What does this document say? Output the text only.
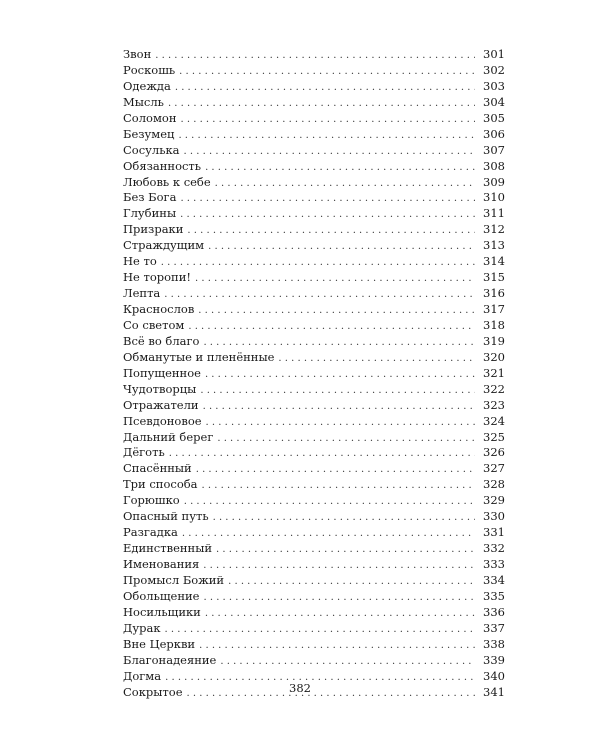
Звон . . .	301
Роскошь . . .	302
Одежда . . .	303
Мысль . . .	304
Соломон . . .	305
Безумец . . .	306
Сосулька . . .	307
Обязанность . . .	308
Любовь к себе . . .	309
Без Бога . . .	310
Глубины . . .	311
Призраки . . .	312
Страждущим . . .	313
Не то . . .	314
Не торопи! . . .	315
Лепта . . .	316
Краснослов . . .	317
Со светом . . .	318
Всё во благо . . .	319
Обманутые и пленённые . . .	320
Попущенное . . .	321
Чудотворцы . . .	322
Отражатели . . .	323
Псевдоновое . . .	324
Дальний берег . . .	325
Дёготь . . .	326
Спасённый . . .	327
Три способа . . .	328
Горюшко . . .	329
Опасный путь . . .	330
Разгадка . . .	331
Единственный . . .	332
Именования . . .	333
Промысл Божий . . .	334
Обольщение . . .	335
Носильщики . . .	336
Дурак . . .	337
Вне Церкви . . .	338
Благонадеяние . . .	339
Догма . . .	340
Сокрытое . . .	341
382
